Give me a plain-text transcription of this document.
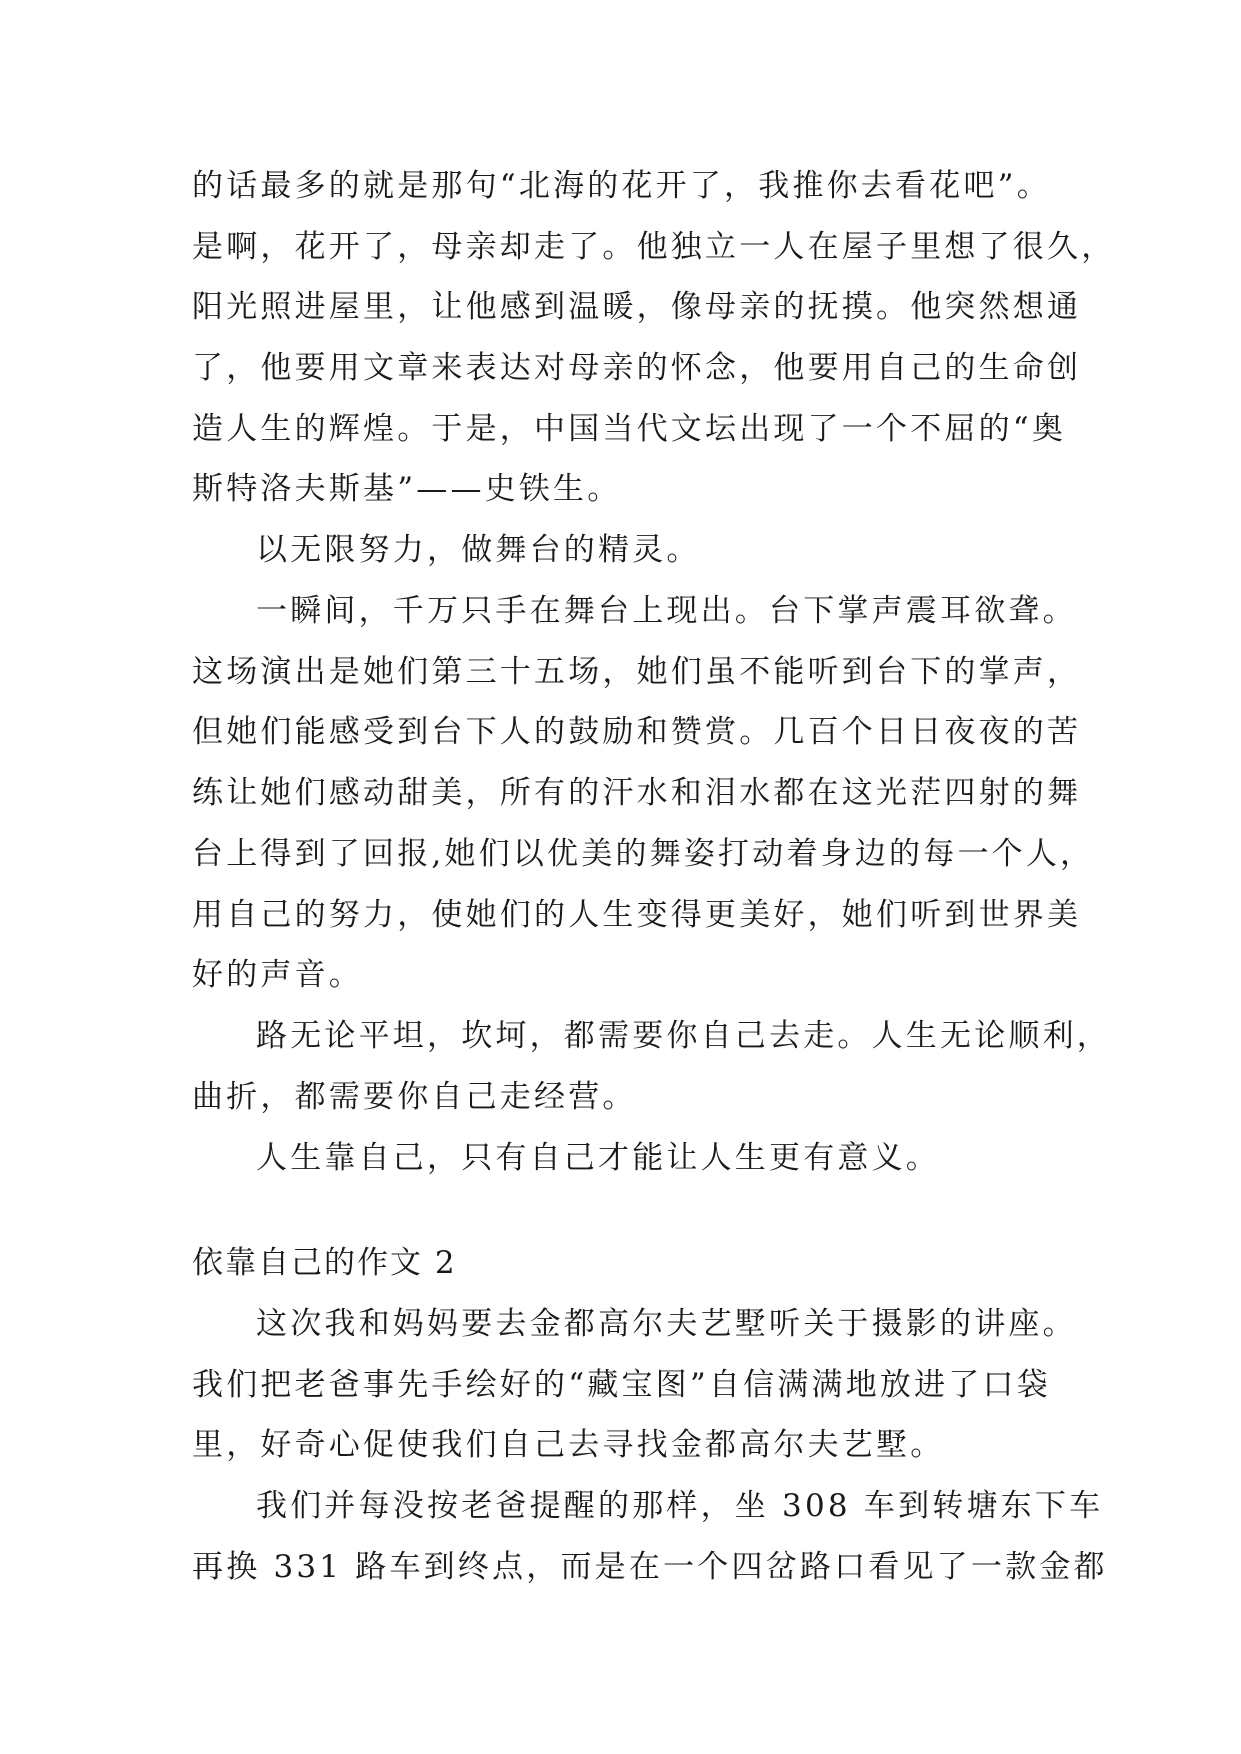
的话最多的就是那句“北海的花开了，我推你去看花吧”。
是啊，花开了，母亲却走了。他独立一人在屋子里想了很久，
阳光照进屋里，让他感到温暖，像母亲的抚摸。他突然想通
了，他要用文章来表达对母亲的怀念，他要用自己的生命创
造人生的辉煌。于是，中国当代文坛出现了一个不屈的“奥
斯特洛夫斯基”——史铁生。
以无限努力，做舞台的精灵。
一瞬间，千万只手在舞台上现出。台下掌声震耳欲聋。
这场演出是她们第三十五场，她们虽不能听到台下的掌声，
但她们能感受到台下人的鼓励和赞赏。几百个日日夜夜的苦
练让她们感动甜美，所有的汗水和泪水都在这光茫四射的舞
台上得到了回报,她们以优美的舞姿打动着身边的每一个人，
用自己的努力，使她们的人生变得更美好，她们听到世界美
好的声音。
路无论平坦，坎坷，都需要你自己去走。人生无论顺利，
曲折，都需要你自己走经营。
人生靠自己，只有自己才能让人生更有意义。
依靠自己的作文 2
这次我和妈妈要去金都高尔夫艺墅听关于摄影的讲座。
我们把老爸事先手绘好的“藏宝图”自信满满地放进了口袋
里，好奇心促使我们自己去寻找金都高尔夫艺墅。
我们并每没按老爸提醒的那样，坐 308 车到转塘东下车
再换 331 路车到终点，而是在一个四岔路口看见了一款金都
